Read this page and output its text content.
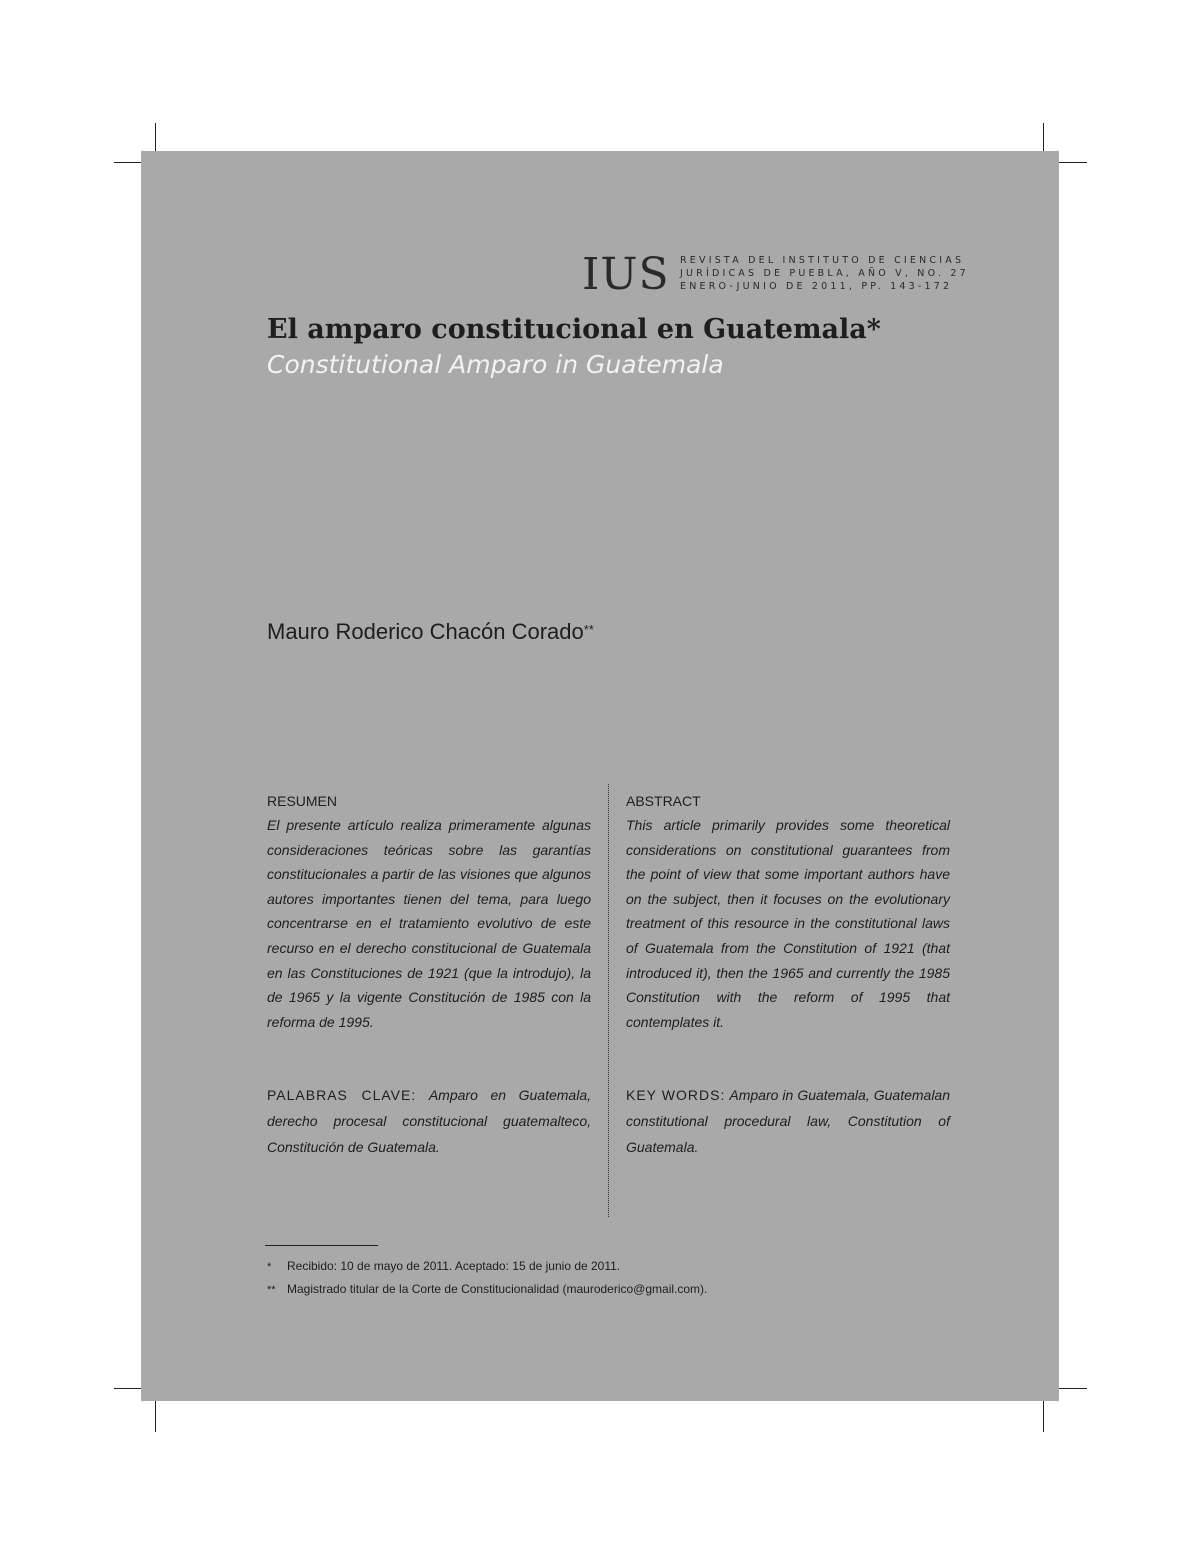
IUS REVISTA DEL INSTITUTO DE CIENCIAS
JURÍDICAS DE PUEBLA, AÑO V, NO. 27
ENERO-JUNIO DE 2011, PP. 143-172
El amparo constitucional en Guatemala*
Constitutional Amparo in Guatemala
Mauro Roderico Chacón Corado**
RESUMEN
El presente artículo realiza primeramente algunas consideraciones teóricas sobre las garantías constitucionales a partir de las visiones que algunos autores importantes tienen del tema, para luego concentrarse en el tratamiento evolutivo de este recurso en el derecho constitucional de Guatemala en las Constituciones de 1921 (que la introdujo), la de 1965 y la vigente Constitución de 1985 con la reforma de 1995.
ABSTRACT
This article primarily provides some theoretical considerations on constitutional guarantees from the point of view that some important authors have on the subject, then it focuses on the evolutionary treatment of this resource in the constitutional laws of Guatemala from the Constitution of 1921 (that introduced it), then the 1965 and currently the 1985 Constitution with the reform of 1995 that contemplates it.
PALABRAS CLAVE: Amparo en Guatemala, derecho procesal constitucional guatemalteco, Constitución de Guatemala.
KEY WORDS: Amparo in Guatemala, Guatemalan constitutional procedural law, Constitution of Guatemala.
* Recibido: 10 de mayo de 2011. Aceptado: 15 de junio de 2011.
** Magistrado titular de la Corte de Constitucionalidad (mauroderico@gmail.com).
